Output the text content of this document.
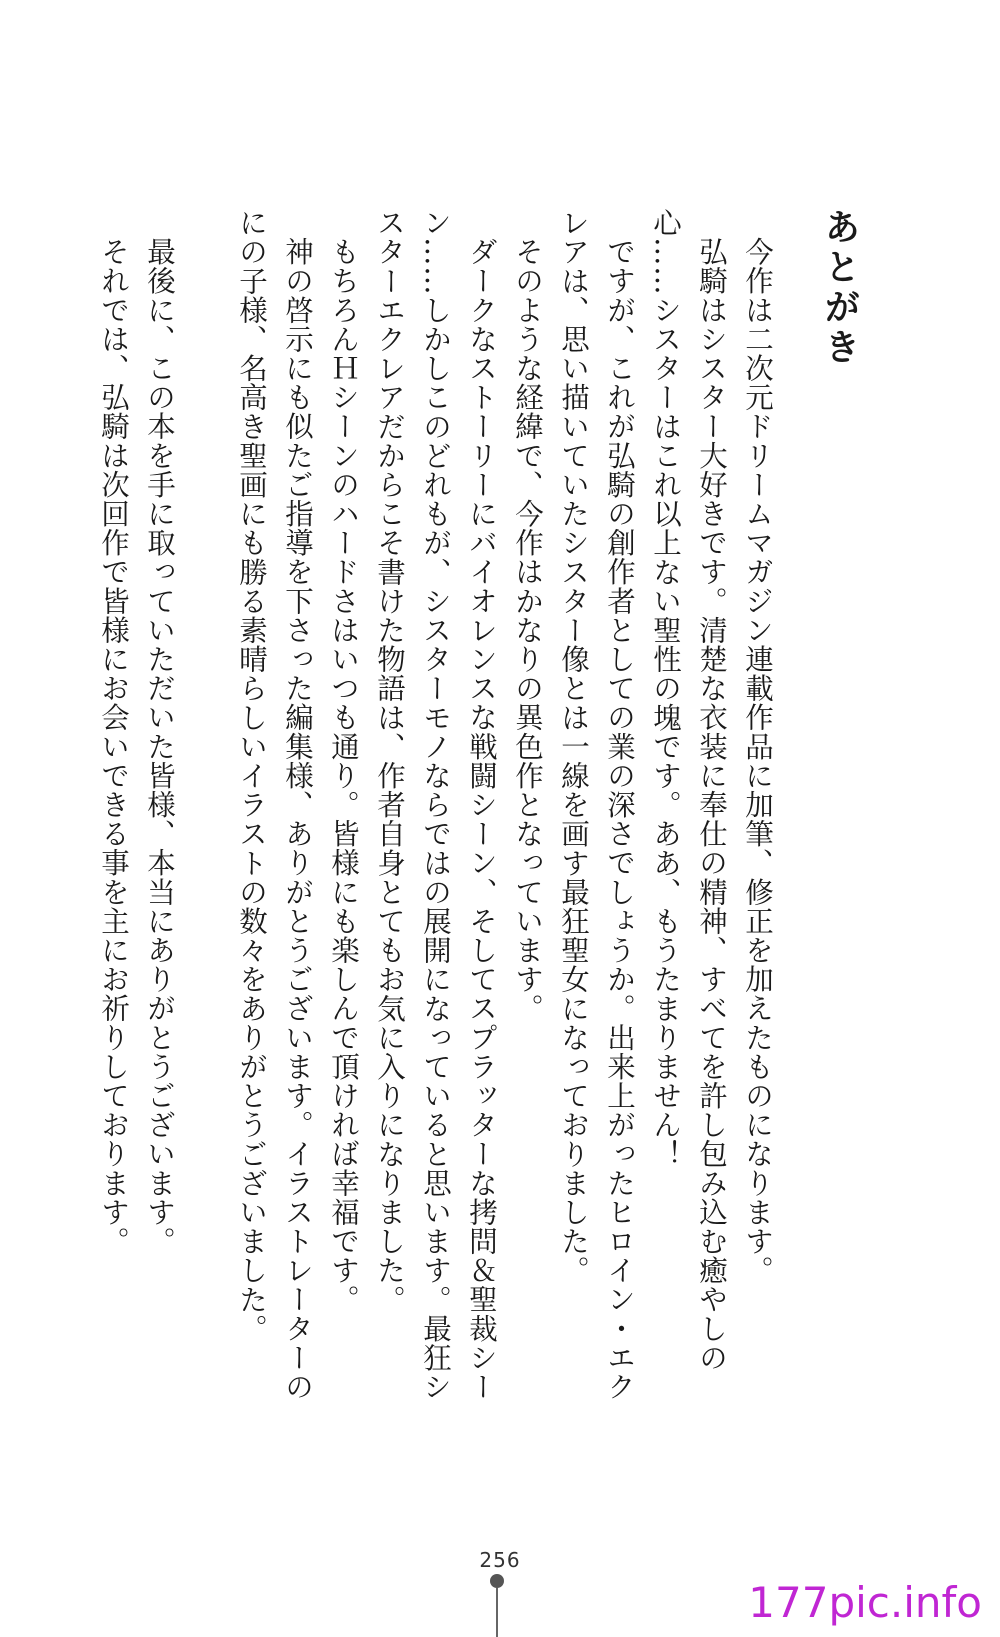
あとがき

今作は二次元ドリームマガジン連載作品に加筆、修正を加えたものになります。

弘騎はシスター大好きです。清楚な衣装に奉仕の精神、すべてを許し包み込む癒やしの心……シスターはこれ以上ない聖性の塊です。ああ、もうたまりません！

ですが、これが弘騎の創作者としての業の深さでしょうか。出来上がったヒロイン・エクレアは、思い描いていたシスター像とは一線を画す最狂聖女になっておりました。

そのような経緯で、今作はかなりの異色作となっています。

ダークなストーリーにバイオレンスな戦闘シーン、そしてスプラッターな拷問＆聖裁シーン……しかしこのどれもが、シスターモノならではの展開になっていると思います。最狂シスターエクレアだからこそ書けた物語は、作者自身とてもお気に入りになりました。

もちろんＨシーンのハードさはいつも通り。皆様にも楽しんで頂ければ幸福です。

神の啓示にも似たご指導を下さった編集様、ありがとうございます。イラストレーターのにの子様、名高き聖画にも勝る素晴らしいイラストの数々をありがとうございました。

最後に、この本を手に取っていただいた皆様、本当にありがとうございます。

それでは、弘騎は次回作で皆様にお会いできる事を主にお祈りしております。

256
177pic.info
